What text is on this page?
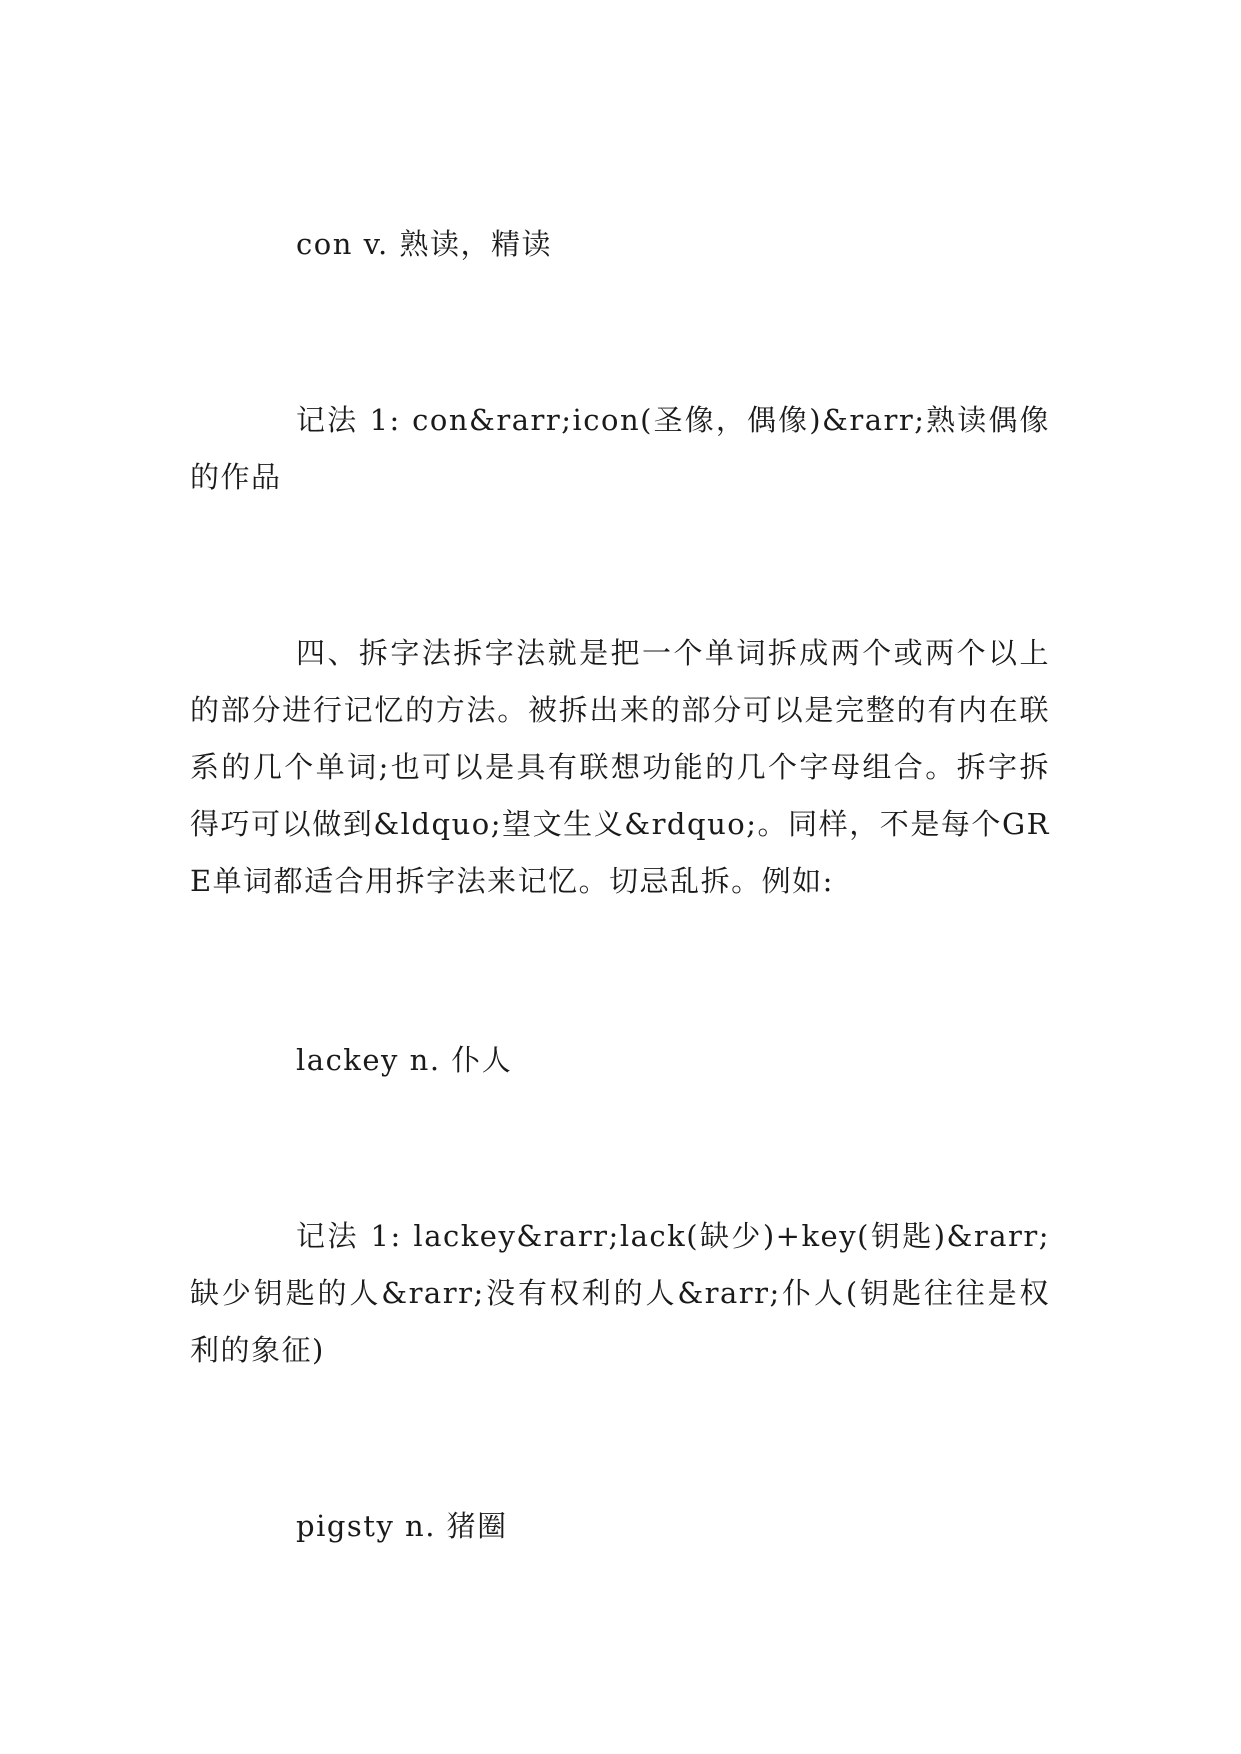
con v. 熟读，精读

记法 1: con&rarr;icon(圣像，偶像)&rarr;熟读偶像的作品

四、拆字法拆字法就是把一个单词拆成两个或两个以上的部分进行记忆的方法。被拆出来的部分可以是完整的有内在联系的几个单词;也可以是具有联想功能的几个字母组合。拆字拆得巧可以做到&ldquo;望文生义&rdquo;。同样，不是每个GRE单词都适合用拆字法来记忆。切忌乱拆。例如:

lackey n. 仆人

记法 1: lackey&rarr;lack(缺少)+key(钥匙)&rarr;缺少钥匙的人&rarr;没有权利的人&rarr;仆人(钥匙往往是权利的象征)

pigsty n. 猪圈
